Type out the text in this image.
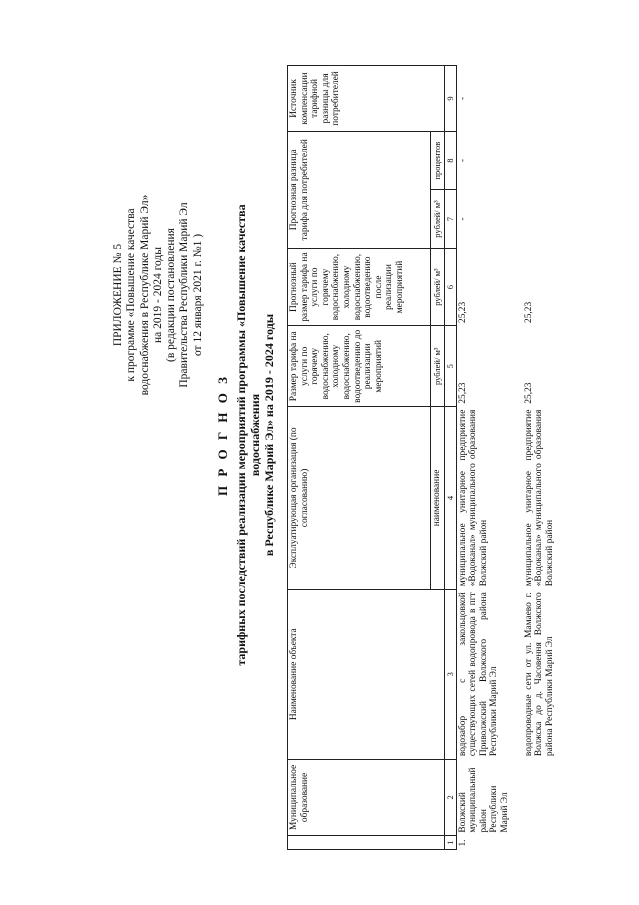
ПРИЛОЖЕНИЕ № 5 к программе «Повышение качества водоснабжения в Республике Марий Эл» на 2019 - 2024 годы (в редакции постановления Правительства Республики Марий Эл от 12 января 2021 г. №1 )
П Р О Г Н О З тарифных последствий реализации мероприятий программы «Повышение качества водоснабжения в Республике Марий Эл» на 2019 - 2024 годы
	Муниципальное образование	Наименование объекта	Эксплуатирующая организация (по согласованию)	Размер тарифа на услуги по горячему водоснабжению, холодному водоснабжению, водоотведению до реализации мероприятий	Прогнозный размер тарифа на услуги по горячему водоснабжению, холодному водоснабжению, водоотведению после реализации мероприятий	Прогнозная разница тарифа для потребителей		Источник компенсации тарифной разницы для потребителей
			наименование			рублей/ м³	процентов	
				рублей/ м³	рублей/ м³			
1	2	3	4	5	6	7	8	9
1.	Волжский муниципальный район Республики Марий Эл	водозабор с закольцовкой существующих сетей водопровода в пгт Приволжский Волжского района Республики Марий Эл	муниципальное унитарное предприятие «Водоканал» муниципального образования Волжский район	25,23	25,23	-	-	-
		водопроводные сети от ул. Мамаево г. Волжска до д. Часовення Волжского района Республики Марий Эл	муниципальное унитарное предприятие «Водоканал» муниципального образования Волжский район	25,23	25,23			
